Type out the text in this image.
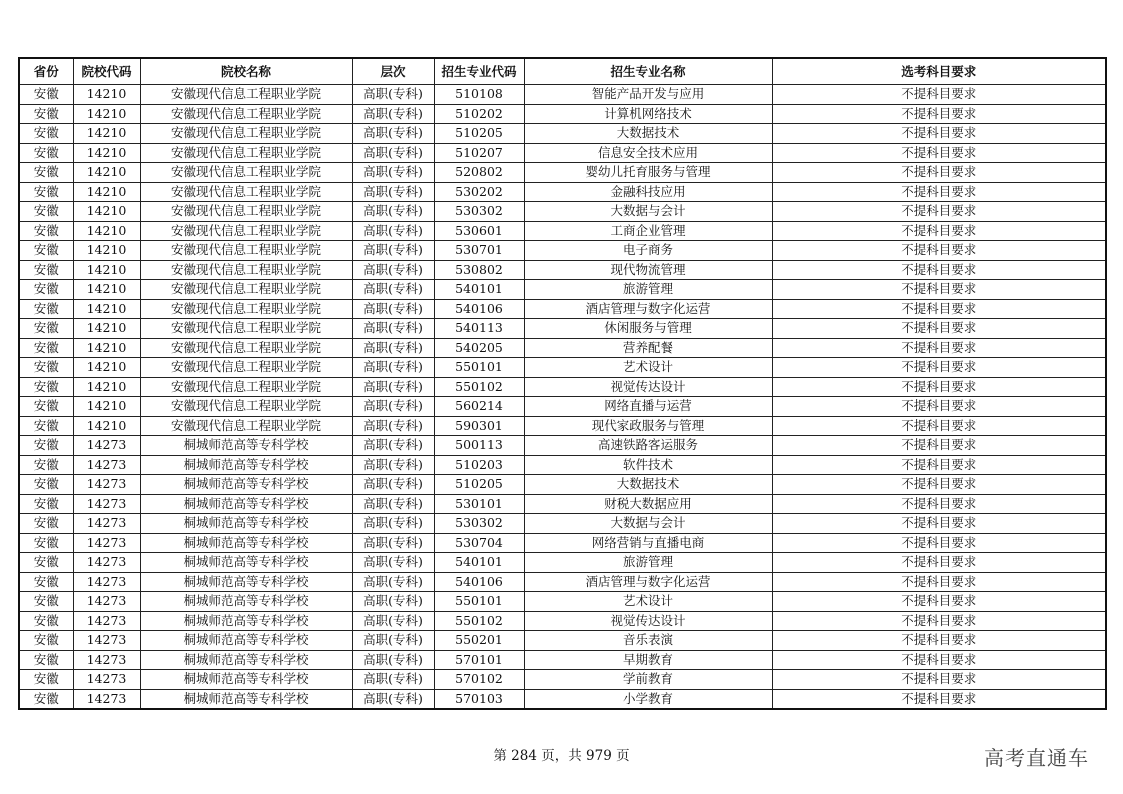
省份	院校代码	院校名称	层次	招生专业代码	招生专业名称	选考科目要求
安徽	14210	安徽现代信息工程职业学院	高职(专科)	510108	智能产品开发与应用	不提科目要求
安徽	14210	安徽现代信息工程职业学院	高职(专科)	510202	计算机网络技术	不提科目要求
安徽	14210	安徽现代信息工程职业学院	高职(专科)	510205	大数据技术	不提科目要求
安徽	14210	安徽现代信息工程职业学院	高职(专科)	510207	信息安全技术应用	不提科目要求
安徽	14210	安徽现代信息工程职业学院	高职(专科)	520802	婴幼儿托育服务与管理	不提科目要求
安徽	14210	安徽现代信息工程职业学院	高职(专科)	530202	金融科技应用	不提科目要求
安徽	14210	安徽现代信息工程职业学院	高职(专科)	530302	大数据与会计	不提科目要求
安徽	14210	安徽现代信息工程职业学院	高职(专科)	530601	工商企业管理	不提科目要求
安徽	14210	安徽现代信息工程职业学院	高职(专科)	530701	电子商务	不提科目要求
安徽	14210	安徽现代信息工程职业学院	高职(专科)	530802	现代物流管理	不提科目要求
安徽	14210	安徽现代信息工程职业学院	高职(专科)	540101	旅游管理	不提科目要求
安徽	14210	安徽现代信息工程职业学院	高职(专科)	540106	酒店管理与数字化运营	不提科目要求
安徽	14210	安徽现代信息工程职业学院	高职(专科)	540113	休闲服务与管理	不提科目要求
安徽	14210	安徽现代信息工程职业学院	高职(专科)	540205	营养配餐	不提科目要求
安徽	14210	安徽现代信息工程职业学院	高职(专科)	550101	艺术设计	不提科目要求
安徽	14210	安徽现代信息工程职业学院	高职(专科)	550102	视觉传达设计	不提科目要求
安徽	14210	安徽现代信息工程职业学院	高职(专科)	560214	网络直播与运营	不提科目要求
安徽	14210	安徽现代信息工程职业学院	高职(专科)	590301	现代家政服务与管理	不提科目要求
安徽	14273	桐城师范高等专科学校	高职(专科)	500113	高速铁路客运服务	不提科目要求
安徽	14273	桐城师范高等专科学校	高职(专科)	510203	软件技术	不提科目要求
安徽	14273	桐城师范高等专科学校	高职(专科)	510205	大数据技术	不提科目要求
安徽	14273	桐城师范高等专科学校	高职(专科)	530101	财税大数据应用	不提科目要求
安徽	14273	桐城师范高等专科学校	高职(专科)	530302	大数据与会计	不提科目要求
安徽	14273	桐城师范高等专科学校	高职(专科)	530704	网络营销与直播电商	不提科目要求
安徽	14273	桐城师范高等专科学校	高职(专科)	540101	旅游管理	不提科目要求
安徽	14273	桐城师范高等专科学校	高职(专科)	540106	酒店管理与数字化运营	不提科目要求
安徽	14273	桐城师范高等专科学校	高职(专科)	550101	艺术设计	不提科目要求
安徽	14273	桐城师范高等专科学校	高职(专科)	550102	视觉传达设计	不提科目要求
安徽	14273	桐城师范高等专科学校	高职(专科)	550201	音乐表演	不提科目要求
安徽	14273	桐城师范高等专科学校	高职(专科)	570101	早期教育	不提科目要求
安徽	14273	桐城师范高等专科学校	高职(专科)	570102	学前教育	不提科目要求
安徽	14273	桐城师范高等专科学校	高职(专科)	570103	小学教育	不提科目要求
第 284 页，共 979 页	高考直通车
